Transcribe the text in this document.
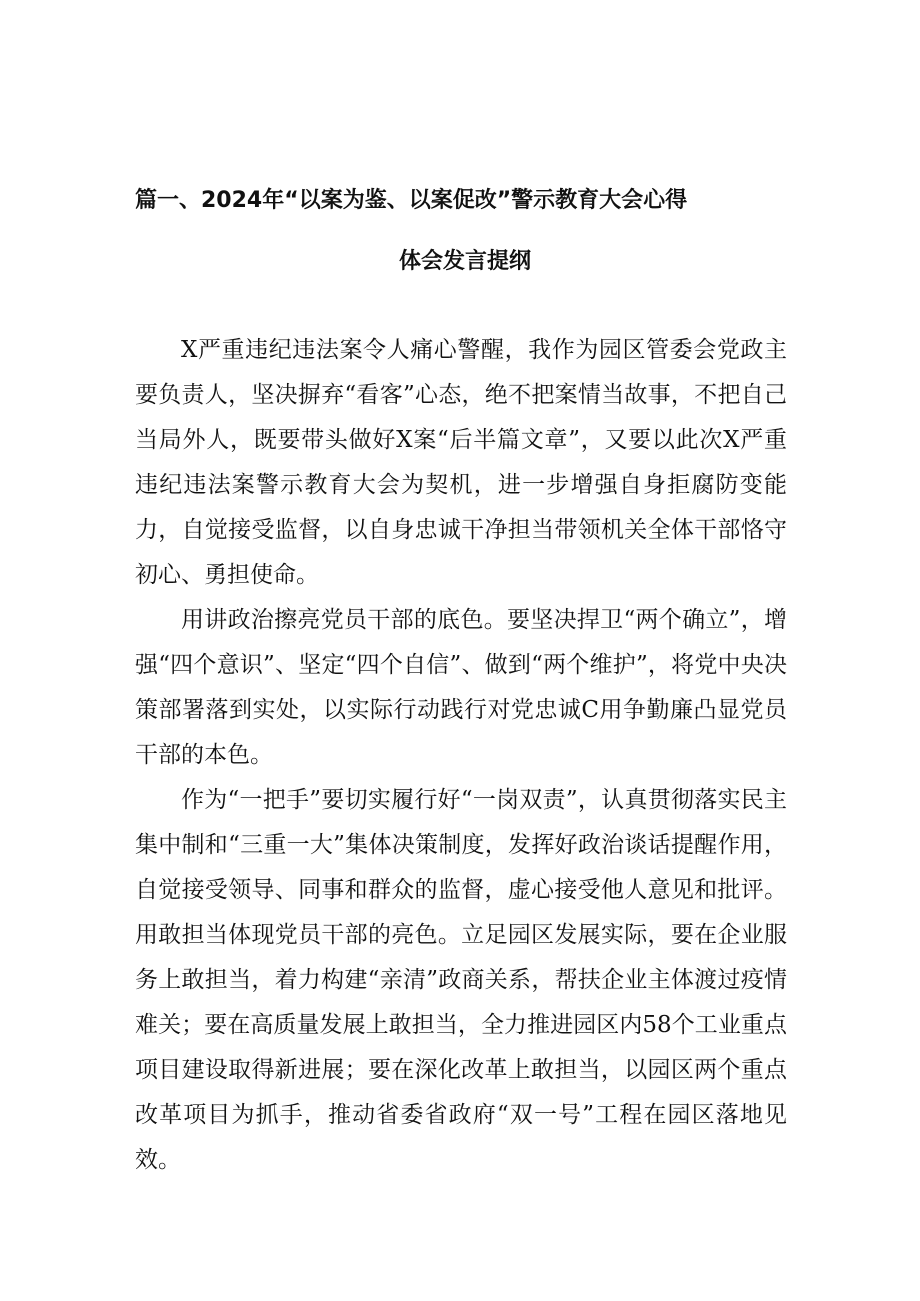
篇一、2024年“以案为鉴、以案促改”警示教育大会心得
体会发言提纲

X严重违纪违法案令人痛心警醒，我作为园区管委会党政主要负责人，坚决摒弃“看客”心态，绝不把案情当故事，不把自己当局外人，既要带头做好X案“后半篇文章”，又要以此次X严重违纪违法案警示教育大会为契机，进一步增强自身拒腐防变能力，自觉接受监督，以自身忠诚干净担当带领机关全体干部恪守初心、勇担使命。

用讲政治擦亮党员干部的底色。要坚决捍卫“两个确立”，增强“四个意识”、坚定“四个自信”、做到“两个维护”，将党中央决策部署落到实处，以实际行动践行对党忠诚C用争勤廉凸显党员干部的本色。

作为“一把手”要切实履行好“一岗双责”，认真贯彻落实民主集中制和“三重一大”集体决策制度，发挥好政治谈话提醒作用，自觉接受领导、同事和群众的监督，虚心接受他人意见和批评。用敢担当体现党员干部的亮色。立足园区发展实际，要在企业服务上敢担当，着力构建“亲清”政商关系，帮扶企业主体渡过疫情难关；要在高质量发展上敢担当，全力推进园区内58个工业重点项目建设取得新进展；要在深化改革上敢担当，以园区两个重点改革项目为抓手，推动省委省政府“双一号”工程在园区落地见效。
